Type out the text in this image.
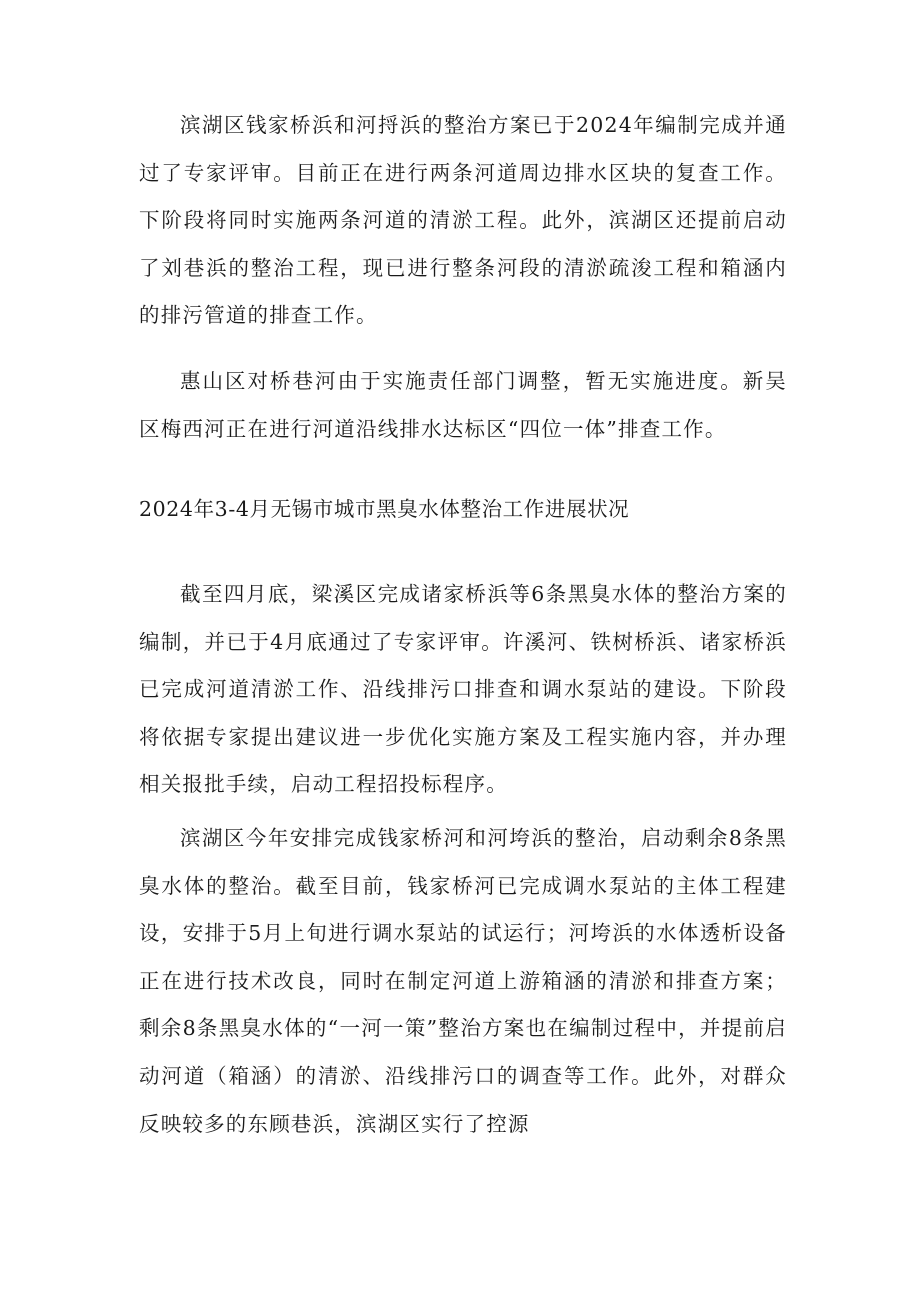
滨湖区钱家桥浜和河捋浜的整治方案已于2024年编制完成并通过了专家评审。目前正在进行两条河道周边排水区块的复查工作。下阶段将同时实施两条河道的清淤工程。此外，滨湖区还提前启动了刘巷浜的整治工程，现已进行整条河段的清淤疏浚工程和箱涵内的排污管道的排查工作。

惠山区对桥巷河由于实施责任部门调整，暂无实施进度。新吴区梅西河正在进行河道沿线排水达标区“四位一体”排查工作。

2024年3-4月无锡市城市黑臭水体整治工作进展状况

截至四月底，梁溪区完成诸家桥浜等6条黑臭水体的整治方案的编制，并已于4月底通过了专家评审。许溪河、铁树桥浜、诸家桥浜已完成河道清淤工作、沿线排污口排查和调水泵站的建设。下阶段将依据专家提出建议进一步优化实施方案及工程实施内容，并办理相关报批手续，启动工程招投标程序。

滨湖区今年安排完成钱家桥河和河垮浜的整治，启动剩余8条黑臭水体的整治。截至目前，钱家桥河已完成调水泵站的主体工程建设，安排于5月上旬进行调水泵站的试运行；河垮浜的水体透析设备正在进行技术改良，同时在制定河道上游箱涵的清淤和排查方案；剩余8条黑臭水体的“一河一策”整治方案也在编制过程中，并提前启动河道（箱涵）的清淤、沿线排污口的调查等工作。此外，对群众反映较多的东顾巷浜，滨湖区实行了控源
